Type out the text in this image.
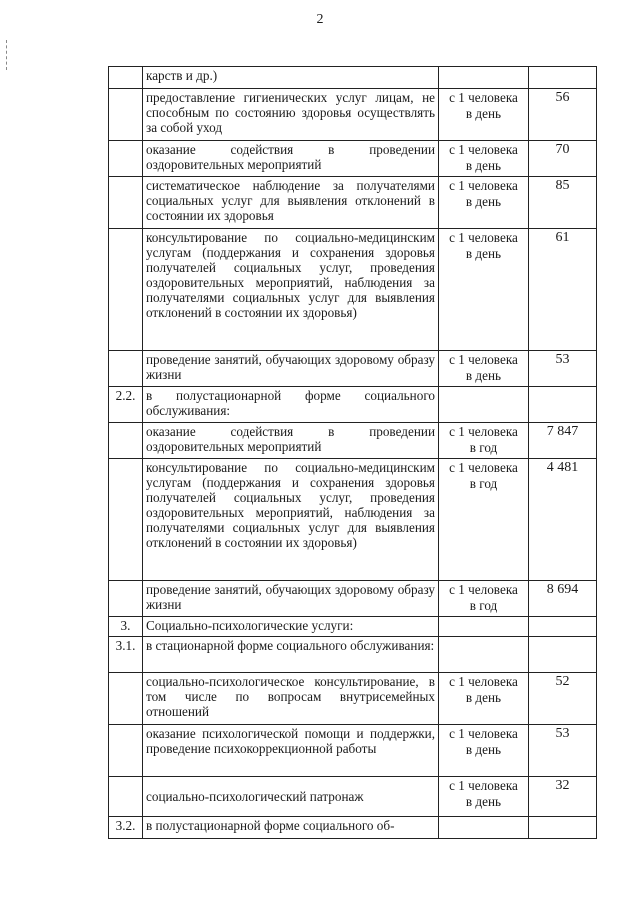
2
	карств и др.)	

	предоставление гигиенических услуг лицам, не способным по состоянию здоровья осуществлять за собой уход	с 1 человека
в день	56
	оказание содействия в проведении оздоровительных мероприятий	с 1 человека
в день	70
	систематическое наблюдение за получателями социальных услуг для выявления отклонений в состоянии их здоровья	с 1 человека
в день	85
	консультирование по социально-медицинским услугам (поддержания и сохранения здоровья получателей социальных услуг, проведения оздоровительных мероприятий, наблюдения за получателями социальных услуг для выявления отклонений в состоянии их здоровья)	с 1 человека
в день	61
	проведение занятий, обучающих здоровому образу жизни	с 1 человека
в день	53
2.2.	в полустационарной форме социального обслуживания:	

	оказание содействия в проведении оздоровительных мероприятий	с 1 человека
в год	7 847
	консультирование по социально-медицинским услугам (поддержания и сохранения здоровья получателей социальных услуг, проведения оздоровительных мероприятий, наблюдения за получателями социальных услуг для выявления отклонений в состоянии их здоровья)	с 1 человека
в год	4 481
	проведение занятий, обучающих здоровому образу жизни	с 1 человека
в год	8 694
3.	Социально-психологические услуги:	

3.1.	в стационарной форме социального обслуживания:	

	социально-психологическое консультирование, в том числе по вопросам внутрисемейных отношений	с 1 человека
в день	52
	оказание психологической помощи и поддержки, проведение психокоррекционной работы	с 1 человека
в день	53
	социально-психологический патронаж	с 1 человека
в день	32
3.2.	в полустационарной форме социального об-	
